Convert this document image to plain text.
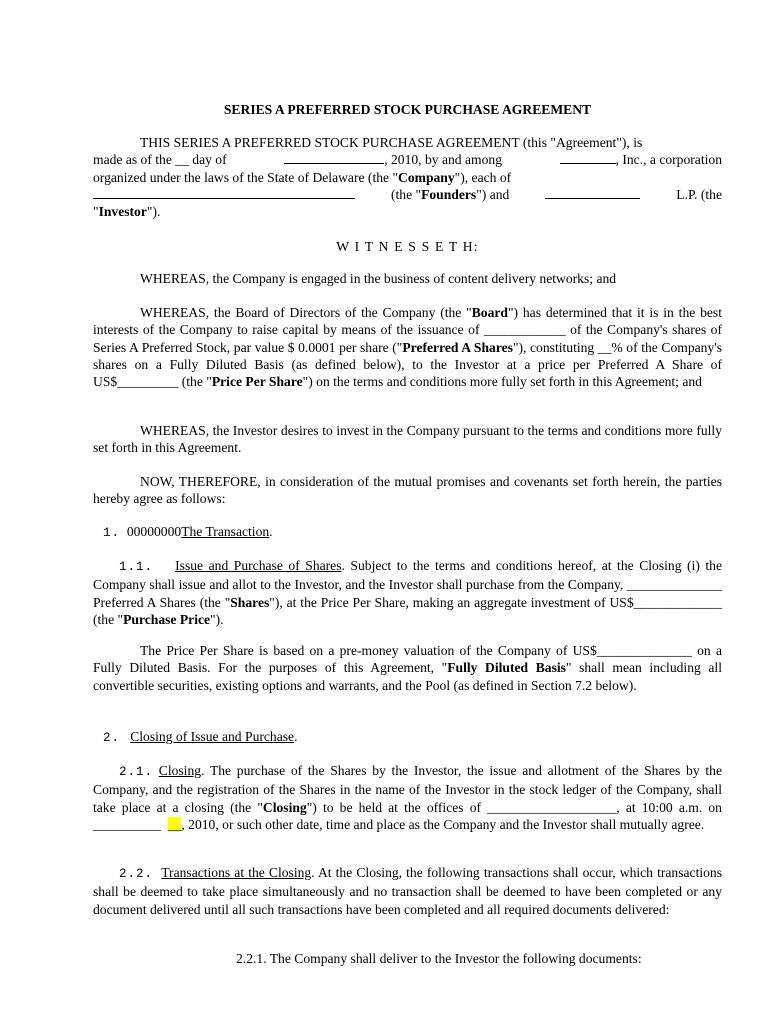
SERIES A PREFERRED STOCK PURCHASE AGREEMENT

THIS SERIES A PREFERRED STOCK PURCHASE AGREEMENT (this "Agreement"), is
made as of the __ day of	, 2010, by and among	, Inc., a corporation
organized under the laws of the State of Delaware (the "Company"), each of
(the "Founders") and	L.P. (the
"Investor").

W I T N E S S E T H:

WHEREAS, the Company is engaged in the business of content delivery networks; and

WHEREAS, the Board of Directors of the Company (the "Board") has determined that it is in the best interests of the Company to raise capital by means of the issuance of ____________ of the Company's shares of Series A Preferred Stock, par value $ 0.0001 per share ("Preferred A Shares"), constituting __% of the Company's shares on a Fully Diluted Basis (as defined below), to the Investor at a price per Preferred A Share of US$_________ (the "Price Per Share") on the terms and conditions more fully set forth in this Agreement; and

WHEREAS, the Investor desires to invest in the Company pursuant to the terms and conditions more fully set forth in this Agreement.

NOW, THEREFORE, in consideration of the mutual promises and covenants set forth herein, the parties hereby agree as follows:

1. 00000000The Transaction.

1.1. Issue and Purchase of Shares. Subject to the terms and conditions hereof, at the Closing (i) the Company shall issue and allot to the Investor, and the Investor shall purchase from the Company, ______________ Preferred A Shares (the "Shares"), at the Price Per Share, making an aggregate investment of US$_____________ (the "Purchase Price").

The Price Per Share is based on a pre-money valuation of the Company of US$______________ on a Fully Diluted Basis. For the purposes of this Agreement, "Fully Diluted Basis" shall mean including all convertible securities, existing options and warrants, and the Pool (as defined in Section 7.2 below).

2. Closing of Issue and Purchase.

2.1. Closing. The purchase of the Shares by the Investor, the issue and allotment of the Shares by the Company, and the registration of the Shares in the name of the Investor in the stock ledger of the Company, shall take place at a closing (the "Closing") to be held at the offices of ___________________, at 10:00 a.m. on __________ __, 2010, or such other date, time and place as the Company and the Investor shall mutually agree.

2.2. Transactions at the Closing. At the Closing, the following transactions shall occur, which transactions shall be deemed to take place simultaneously and no transaction shall be deemed to have been completed or any document delivered until all such transactions have been completed and all required documents delivered:

2.2.1. The Company shall deliver to the Investor the following documents:
